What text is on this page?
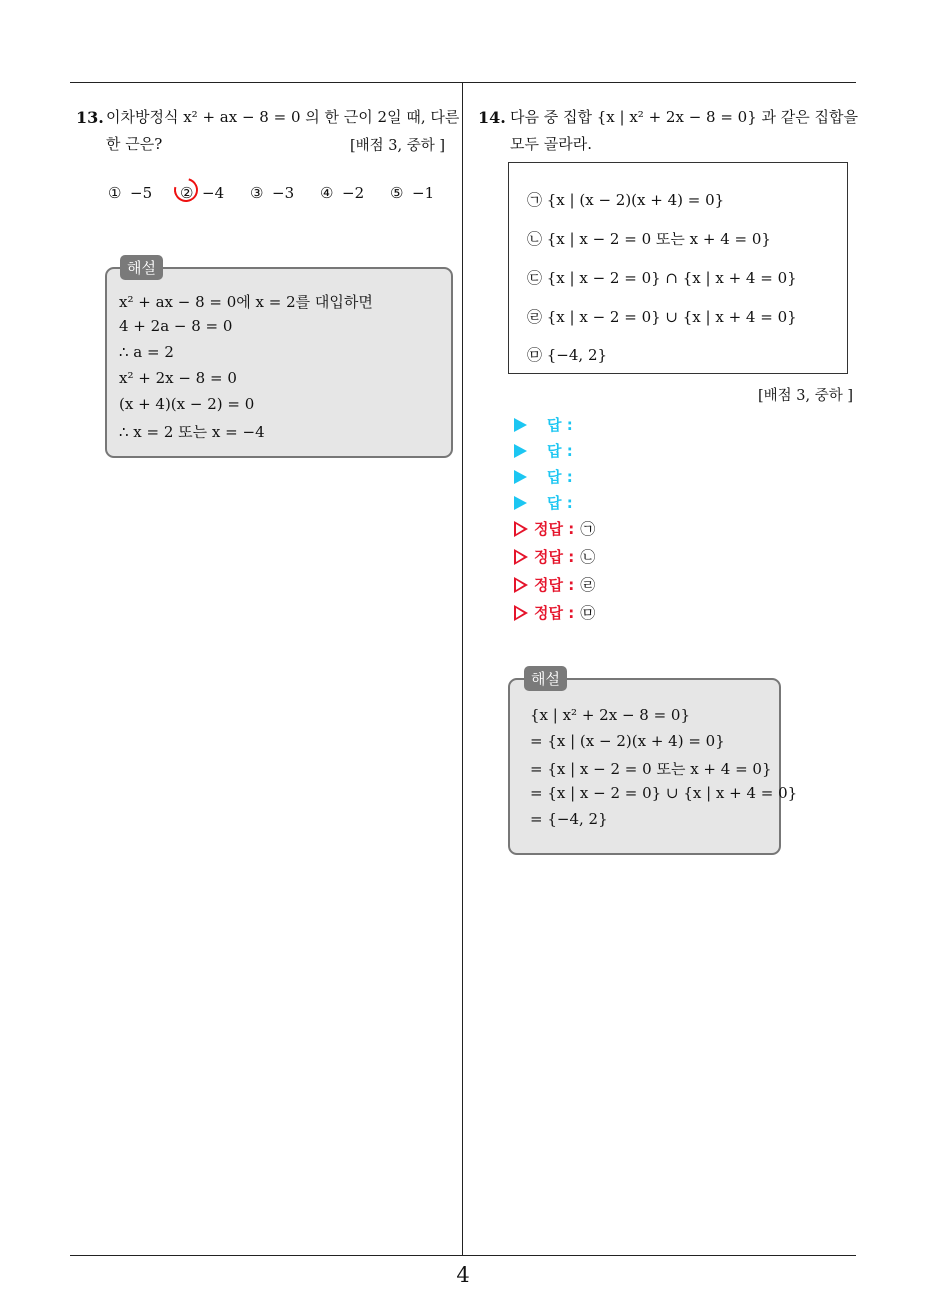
13. 이차방정식 x² + ax − 8 = 0 의 한 근이 2일 때, 다른
한 근은?	[배점 3, 중하 ]
① −5 ② −4 ③ −3 ④ −2 ⑤ −1
x² + ax − 8 = 0에 x = 2를 대입하면
4 + 2a − 8 = 0
∴ a = 2
x² + 2x − 8 = 0
(x + 4)(x − 2) = 0
∴ x = 2 또는 x = −4
해설
14. 다음 중 집합 {x | x² + 2x − 8 = 0} 과 같은 집합을
모두 골라라.
㉠ {x | (x − 2)(x + 4) = 0}
㉡ {x | x − 2 = 0 또는 x + 4 = 0}
㉢ {x | x − 2 = 0} ∩ {x | x + 4 = 0}
㉣ {x | x − 2 = 0} ∪ {x | x + 4 = 0}
㉤ {−4, 2}
[배점 3, 중하 ]
답 :
답 :
답 :
답 :
정답 : ㉠
정답 : ㉡
정답 : ㉣
정답 : ㉤
{x | x² + 2x − 8 = 0}
= {x | (x − 2)(x + 4) = 0}
= {x | x − 2 = 0 또는 x + 4 = 0}
= {x | x − 2 = 0} ∪ {x | x + 4 = 0}
= {−4, 2}
해설
4
